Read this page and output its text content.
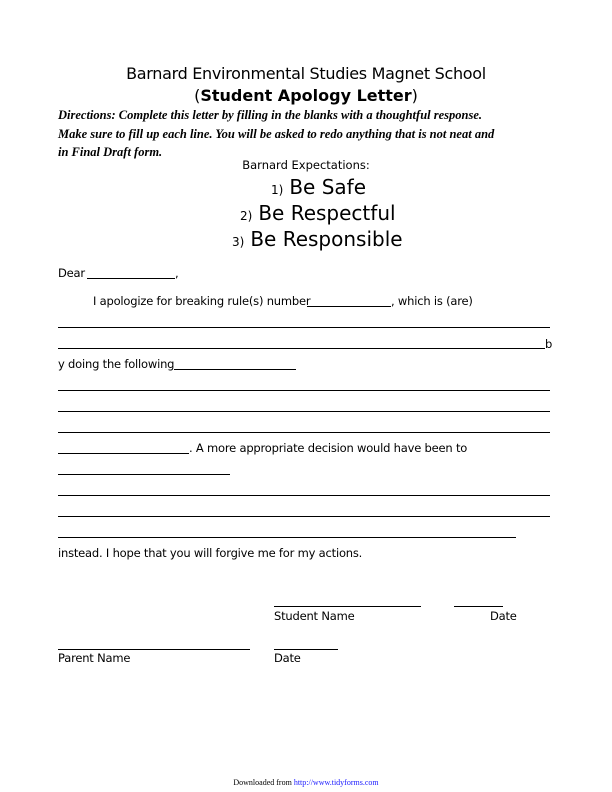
Barnard Environmental Studies Magnet School
(Student Apology Letter)
Directions: Complete this letter by filling in the blanks with a thoughtful response.
Make sure to fill up each line. You will be asked to redo anything that is not neat and
in Final Draft form.
Barnard Expectations:
1) Be Safe
2) Be Respectful
3) Be Responsible
Dear	,
I apologize for breaking rule(s) number	, which is (are)
b
y doing the following
. A more appropriate decision would have been to
instead. I hope that you will forgive me for my actions.
Student Name	Date
Parent Name	Date
Downloaded from http://www.tidyforms.com
